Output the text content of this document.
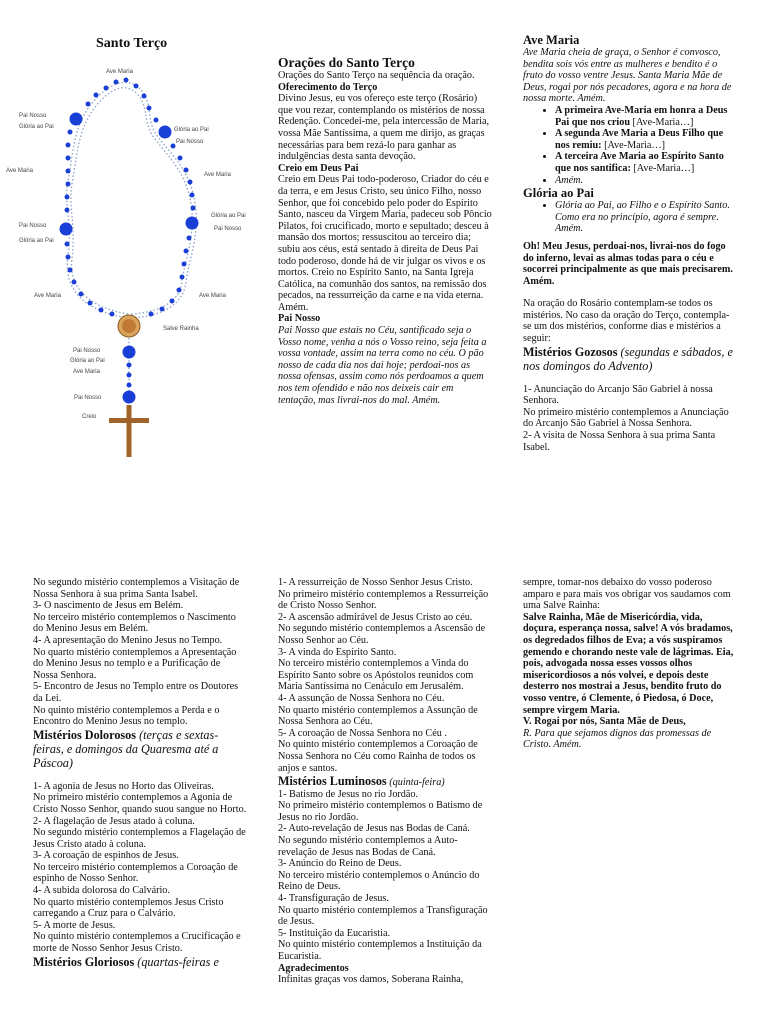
Santo Terço
Ave Maria
Pai Nosso
Glória ao Pai	Glória ao Pai
Pai Nosso
Ave Maria
Ave Maria
Glória ao Pai
Pai Nosso
Pai Nosso
Glória ao Pai
Ave Maria	Ave Maria
Salve Rainha
Pai Nosso
Glória ao Pai
Ave Maria
Pai Nosso
Creio

Orações do Santo Terço

Orações do Santo Terço na sequência da oração.

Oferecimento do Terço

Divino Jesus, eu vos ofereço este terço (Rosário) que vou rezar, contemplando os mistérios de nossa Redenção. Concedei-me, pela intercessão de Maria, vossa Mãe Santíssima, a quem me dirijo, as graças necessárias para bem rezá-lo para ganhar as indulgências desta santa devoção.

Creio em Deus Pai

Creio em Deus Pai todo-poderoso, Criador do céu e da terra, e em Jesus Cristo, seu único Filho, nosso Senhor, que foi concebido pelo poder do Espírito Santo, nasceu da Virgem Maria, padeceu sob Pôncio Pilatos, foi crucificado, morto e sepultado; desceu à mansão dos mortos; ressuscitou ao terceiro dia; subiu aos céus, está sentado à direita de Deus Pai todo poderoso, donde há de vir julgar os vivos e os mortos. Creio no Espírito Santo, na Santa Igreja Católica, na comunhão dos santos, na remissão dos pecados, na ressurreição da carne e na vida eterna. Amém.

Pai Nosso

Pai Nosso que estais no Céu, santificado seja o Vosso nome, venha a nós o Vosso reino, seja feita a vossa vontade, assim na terra como no céu. O pão nosso de cada dia nos dai hoje; perdoai-nos as nossa ofensas, assim como nós perdoamos a quem nos tem ofendido e não nos deixeis cair em tentação, mas livrai-nos do mal. Amém.

Ave Maria

Ave Maria cheia de graça, o Senhor é convosco, bendita sois vós entre as mulheres e bendito é o fruto do vosso ventre Jesus. Santa Maria Mãe de Deus, rogai por nós pecadores, agora e na hora de nossa morte. Amém.

• A primeira Ave-Maria em honra a Deus Pai que nos criou [Ave-Maria…]
• A segunda Ave Maria a Deus Filho que nos remiu: [Ave-Maria…]
• A terceira Ave Maria ao Espírito Santo que nos santifica: [Ave-Maria…]
• Amém.

Glória ao Pai

• Glória ao Pai, ao Filho e o Espírito Santo. Como era no princípio, agora é sempre. Amém.

Oh! Meu Jesus, perdoai-nos, livrai-nos do fogo do inferno, levai as almas todas para o céu e socorrei principalmente as que mais precisarem. Amém.

Na oração do Rosário contemplam-se todos os mistérios. No caso da oração do Terço, contempla-se um dos mistérios, conforme dias e mistérios a seguir:

Mistérios Gozosos (segundas e sábados, e nos domingos do Advento)

1- Anunciação do Arcanjo São Gabriel à nossa Senhora.

No primeiro mistério contemplemos a Anunciação do Arcanjo São Gabriel à Nossa Senhora.

2- A visita de Nossa Senhora à sua prima Santa Isabel.

No segundo mistério contemplemos a Visitação de Nossa Senhora à sua prima Santa Isabel.

3- O nascimento de Jesus em Belém.

No terceiro mistério contemplemos o Nascimento do Menino Jesus em Belém.

4- A apresentação do Menino Jesus no Tempo.

No quarto mistério contemplemos a Apresentação do Menino Jesus no templo e a Purificação de Nossa Senhora.

5- Encontro de Jesus no Templo entre os Doutores da Lei.

No quinto mistério contemplemos a Perda e o Encontro do Menino Jesus no templo.

Mistérios Dolorosos (terças e sextas-feiras, e domingos da Quaresma até a Páscoa)

1- A agonia de Jesus no Horto das Oliveiras.

No primeiro mistério contemplemos a Agonia de Cristo Nosso Senhor, quando suou sangue no Horto.

2- A flagelação de Jesus atado à coluna.

No segundo mistério contemplemos a Flagelação de Jesus Cristo atado à coluna.

3- A coroação de espinhos de Jesus.

No terceiro mistério contemplemos a Coroação de espinho de Nosso Senhor.

4- A subida dolorosa do Calvário.

No quarto mistério contemplemos Jesus Cristo carregando a Cruz para o Calvário.

5- A morte de Jesus.

No quinto mistério contemplemos a Crucificação e morte de Nosso Senhor Jesus Cristo.

Mistérios Gloriosos (quartas-feiras e

1- A ressurreição de Nosso Senhor Jesus Cristo.

No primeiro mistério contemplemos a Ressurreição de Cristo Nosso Senhor.

2- A ascensão admirável de Jesus Cristo ao céu.

No segundo mistério contemplemos a Ascensão de Nosso Senhor ao Céu.

3- A vinda do Espírito Santo.

No terceiro mistério contemplemos a Vinda do Espírito Santo sobre os Apóstolos reunidos com Maria Santíssima no Cenáculo em Jerusalém.

4- A assunção de Nossa Senhora no Céu.

No quarto mistério contemplemos a Assunção de Nossa Senhora ao Céu.

5- A coroação de Nossa Senhora no Céu .

No quinto mistério contemplemos a Coroação de Nossa Senhora no Céu como Rainha de todos os anjos e santos.

Mistérios Luminosos (quinta-feira)

1- Batismo de Jesus no rio Jordão.

No primeiro mistério contemplemos o Batismo de Jesus no rio Jordão.

2- Auto-revelação de Jesus nas Bodas de Caná.

No segundo mistério contemplemos a Auto-revelação de Jesus nas Bodas de Caná.

3- Anúncio do Reino de Deus.

No terceiro mistério contemplemos o Anúncio do Reino de Deus.

4- Transfiguração de Jesus.

No quarto mistério contemplemos a Transfiguração de Jesus.

5- Instituição da Eucaristia.

No quinto mistério contemplemos a Instituição da Eucaristia.

Agradecimentos

Infinitas graças vos damos, Soberana Rainha,

sempre, tomar-nos debaixo do vosso poderoso amparo e para mais vos obrigar vos saudamos com uma Salve Rainha:

Salve Rainha, Mãe de Misericórdia, vida, doçura, esperança nossa, salve! A vós bradamos, os degredados filhos de Eva; a vós suspiramos gemendo e chorando neste vale de lágrimas. Eia, pois, advogada nossa esses vossos olhos misericordiosos a nós volvei, e depois deste desterro nos mostrai a Jesus, bendito fruto do vosso ventre, ó Clemente, ó Piedosa, ó Doce, sempre virgem Maria.

V. Rogai por nós, Santa Mãe de Deus,

R. Para que sejamos dignos das promessas de Cristo. Amém.
